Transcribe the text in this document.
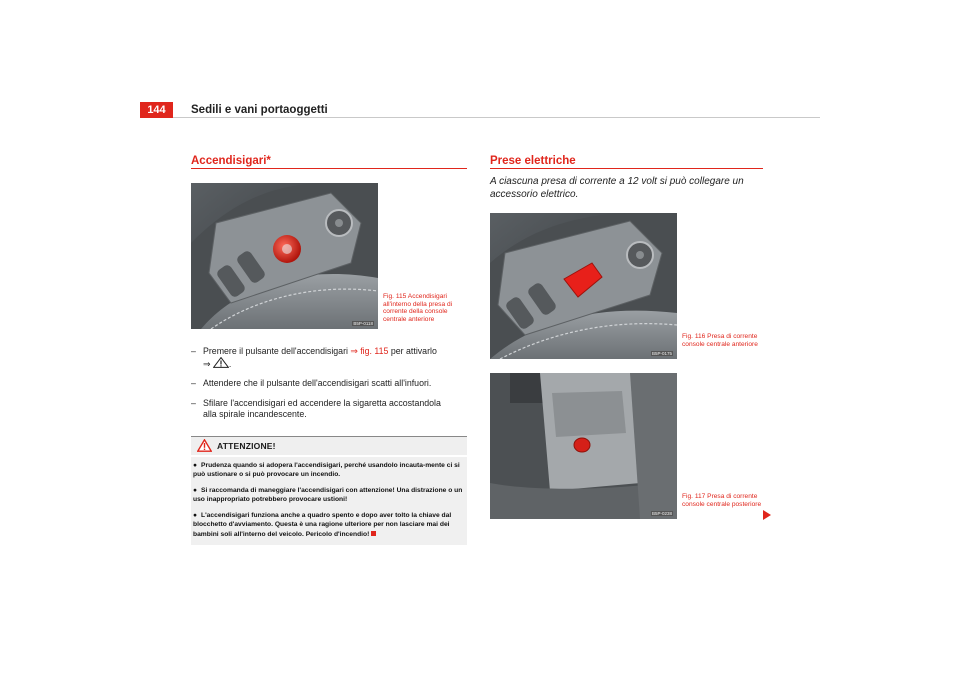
144	Sedili e vani portaoggetti
Accendisigari*
B5P-0118
Fig. 115 Accendisigari all'interno della presa di corrente della console centrale anteriore
– Premere il pulsante dell'accendisigari ⇒ fig. 115 per attivarlo
⇒ .
– Attendere che il pulsante dell'accendisigari scatti all'infuori.
– Sfilare l'accendisigari ed accendere la sigaretta accostandola alla spirale incandescente.
ATTENZIONE!
● Prudenza quando si adopera l'accendisigari, perché usandolo incauta-mente ci si può ustionare o si può provocare un incendio.
● Si raccomanda di maneggiare l'accendisigari con attenzione! Una distrazione o un uso inappropriato potrebbero provocare ustioni!
● L'accendisigari funziona anche a quadro spento e dopo aver tolto la chiave dal blocchetto d'avviamento. Questa è una ragione ulteriore per non lasciare mai dei bambini soli all'interno del veicolo. Pericolo d'incendio!
Prese elettriche
A ciascuna presa di corrente a 12 volt si può collegare un accessorio elettrico.
B5P-0175
Fig. 116 Presa di corrente console centrale anteriore
B5P-0238
Fig. 117 Presa di corrente console centrale posteriore
